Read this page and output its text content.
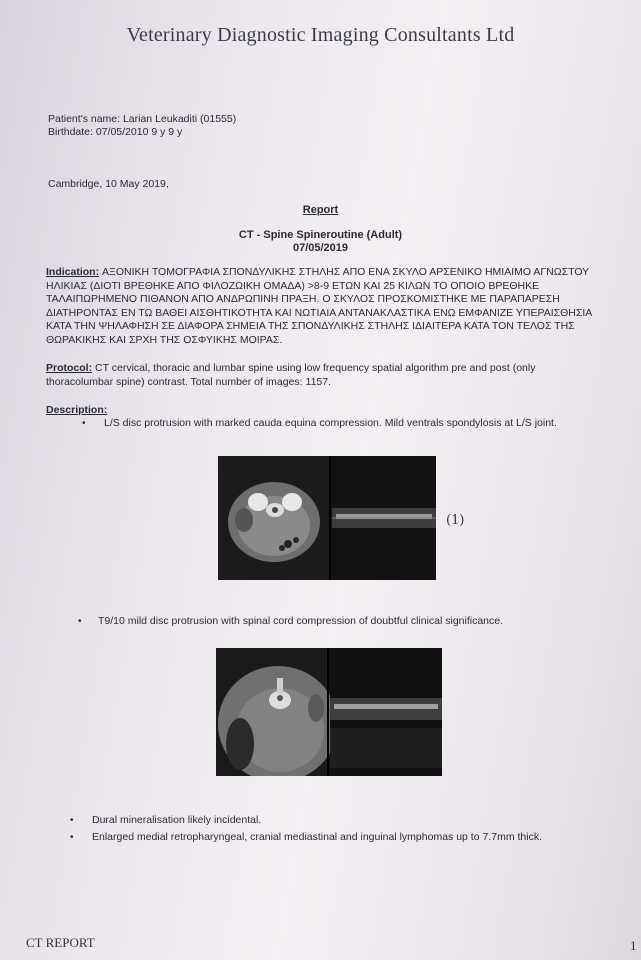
Veterinary Diagnostic Imaging Consultants Ltd
Patient's name: Larian Leukaditi (01555)
Birthdate: 07/05/2010 9 y 9 y
Cambridge, 10 May 2019,
Report
CT - Spine Spineroutine (Adult)
07/05/2019
Indication: ΑΞΟΝΙΚΗ ΤΟΜΟΓΡΑΦΙΑ ΣΠΟΝΔΥΛΙΚΗΣ ΣΤΗΛΗΣ ΑΠΟ ΕΝΑ ΣΚΥΛΟ ΑΡΣΕΝΙΚΟ ΗΜΙΑΙΜΟ ΑΓΝΩΣΤΟΥ ΗΛΙΚΙΑΣ (ΔΙΟΤΙ ΒΡΕΘΗΚΕ ΑΠΟ ΦΙΛΟΖΩΙΚΗ ΟΜΑΔΑ) >8-9 ΕΤΩΝ ΚΑΙ 25 ΚΙΛΩΝ ΤΟ ΟΠΟΙΟ ΒΡΕΘΗΚΕ ΤΑΛΑΙΠΩΡΗΜΕΝΟ ΠΙΘΑΝΟΝ ΑΠΟ ΑΝΔΡΩΠΙΝΗ ΠΡΑΞΗ. Ο ΣΚΥΛΟΣ ΠΡΟΣΚΟΜΙΣΤΗΚΕ ΜΕ ΠΑΡΑΠΑΡΕΣΗ ΔΙΑΤΗΡΟΝΤΑΣ ΕΝ ΤΩ ΒΑΘΕΙ ΑΙΣΘΗΤΙΚΟΤΗΤΑ ΚΑΙ ΝΩΤΙΑΙΑ ΑΝΤΑΝΑΚΛΑΣΤΙΚΑ ΕΝΩ ΕΜΦΑΝΙΖΕ ΥΠΕΡΑΙΣΘΗΣΙΑ ΚΑΤΑ ΤΗΝ ΨΗΛΑΦΗΣΗ ΣΕ ΔΙΑΦΟΡΑ ΣΗΜΕΙΑ ΤΗΣ ΣΠΟΝΔΥΛΙΚΗΣ ΣΤΗΛΗΣ ΙΔΙΑΙΤΕΡΑ ΚΑΤΑ ΤΟΝ ΤΕΛΟΣ ΤΗΣ ΘΩΡΑΚΙΚΗΣ ΚΑΙ ΣΡΧΗ ΤΗΣ ΟΣΦΥΙΚΗΣ ΜΟΙΡΑΣ.
Protocol: CT cervical, thoracic and lumbar spine using low frequency spatial algorithm pre and post (only thoracolumbar spine) contrast. Total number of images: 1157.
Description:
• L/S disc protrusion with marked cauda equina compression. Mild ventrals spondylosis at L/S joint.
(1)
• T9/10 mild disc protrusion with spinal cord compression of doubtful clinical significance.
• Dural mineralisation likely incidental.
• Enlarged medial retropharyngeal, cranial mediastinal and inguinal lymphomas up to 7.7mm thick.
CT REPORT	1
